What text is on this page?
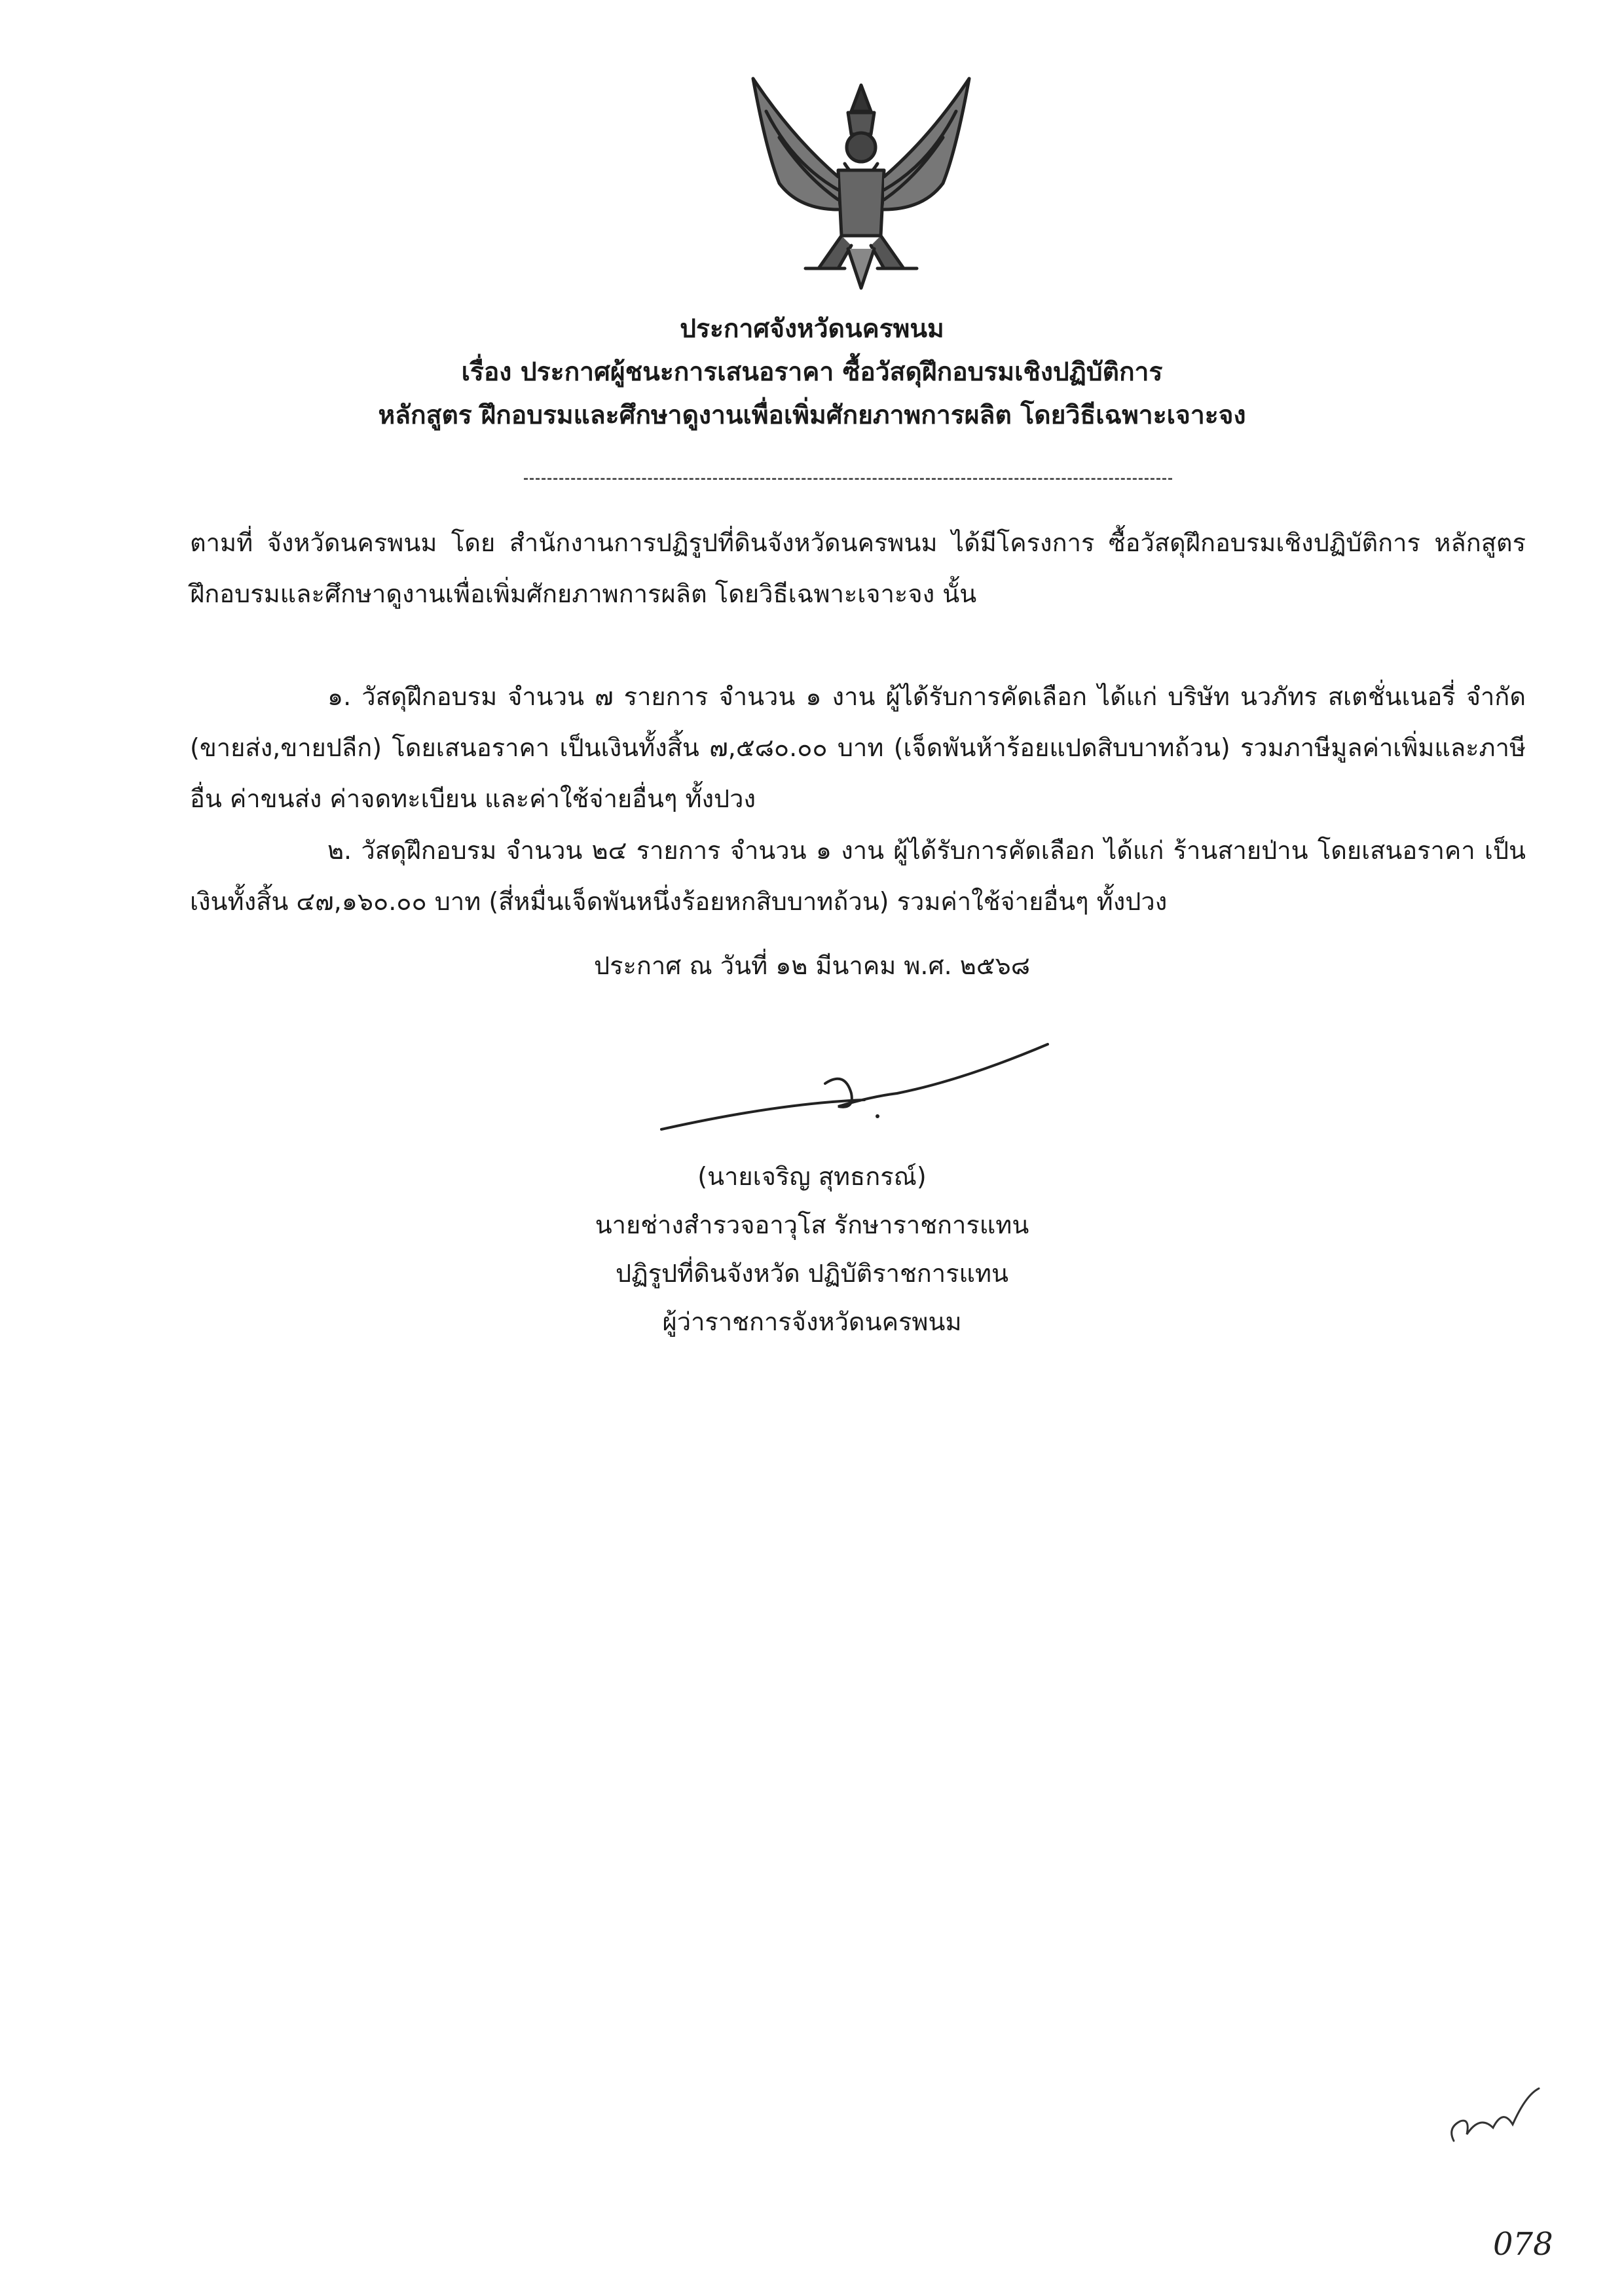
ประกาศจังหวัดนครพนม
เรื่อง ประกาศผู้ชนะการเสนอราคา ซื้อวัสดุฝึกอบรมเชิงปฏิบัติการ
หลักสูตร ฝึกอบรมและศึกษาดูงานเพื่อเพิ่มศักยภาพการผลิต โดยวิธีเฉพาะเจาะจง

ตามที่ จังหวัดนครพนม โดย สำนักงานการปฏิรูปที่ดินจังหวัดนครพนม ได้มีโครงการ ซื้อวัสดุฝึกอบรมเชิงปฏิบัติการ หลักสูตร ฝึกอบรมและศึกษาดูงานเพื่อเพิ่มศักยภาพการผลิต โดยวิธีเฉพาะเจาะจง นั้น

๑. วัสดุฝึกอบรม จำนวน ๗ รายการ จำนวน ๑ งาน ผู้ได้รับการคัดเลือก ได้แก่ บริษัท นวภัทร สเตชั่นเนอรี่ จำกัด (ขายส่ง,ขายปลีก) โดยเสนอราคา เป็นเงินทั้งสิ้น ๗,๕๘๐.๐๐ บาท (เจ็ดพันห้าร้อยแปดสิบบาทถ้วน) รวมภาษีมูลค่าเพิ่มและภาษีอื่น ค่าขนส่ง ค่าจดทะเบียน และค่าใช้จ่ายอื่นๆ ทั้งปวง

๒. วัสดุฝึกอบรม จำนวน ๒๔ รายการ จำนวน ๑ งาน ผู้ได้รับการคัดเลือก ได้แก่ ร้านสายป่าน โดยเสนอราคา เป็นเงินทั้งสิ้น ๔๗,๑๖๐.๐๐ บาท (สี่หมื่นเจ็ดพันหนึ่งร้อยหกสิบบาทถ้วน) รวมค่าใช้จ่ายอื่นๆ ทั้งปวง

ประกาศ ณ วันที่ ๑๒ มีนาคม พ.ศ. ๒๕๖๘
(นายเจริญ สุทธกรณ์)
นายช่างสำรวจอาวุโส รักษาราชการแทน
ปฏิรูปที่ดินจังหวัด ปฏิบัติราชการแทน
ผู้ว่าราชการจังหวัดนครพนม
078
